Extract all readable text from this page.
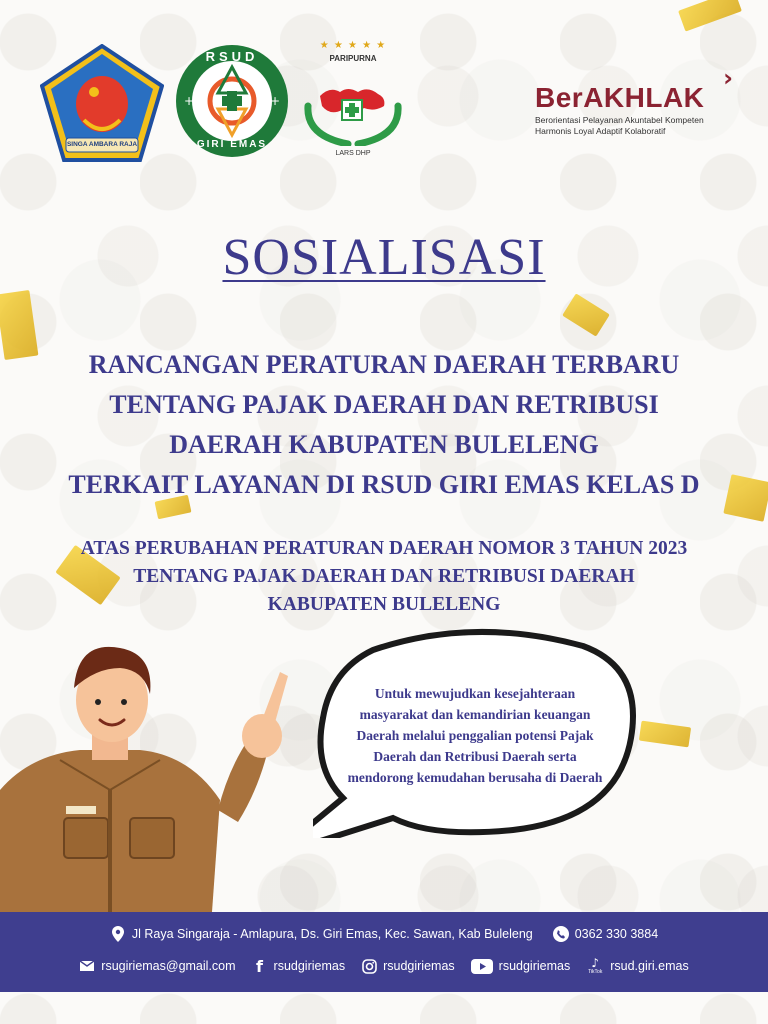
SINGA AMBARA RAJA
+	+
RSUD
GIRI EMAS
★ ★ ★ ★ ★
PARIPURNA
LARS DHP
›
BerAKHLAK
Berorientasi Pelayanan Akuntabel Kompeten
Harmonis Loyal Adaptif Kolaboratif
SOSIALISASI
RANCANGAN PERATURAN DAERAH TERBARU
TENTANG PAJAK DAERAH DAN RETRIBUSI
DAERAH KABUPATEN BULELENG
TERKAIT LAYANAN DI RSUD GIRI EMAS KELAS D
ATAS PERUBAHAN PERATURAN DAERAH NOMOR 3 TAHUN 2023
TENTANG PAJAK DAERAH DAN RETRIBUSI DAERAH
KABUPATEN BULELENG
Untuk mewujudkan kesejahteraan
masyarakat dan kemandirian keuangan
Daerah melalui penggalian potensi Pajak
Daerah dan Retribusi Daerah serta
mendorong kemudahan berusaha di Daerah
Jl Raya Singaraja - Amlapura, Ds. Giri Emas, Kec. Sawan, Kab Buleleng	0362 330 3884
rsugiriemas@gmail.com f rsudgiriemas	rsudgiriemas	rsudgiriemas ♪
TikTok rsud.giri.emas
